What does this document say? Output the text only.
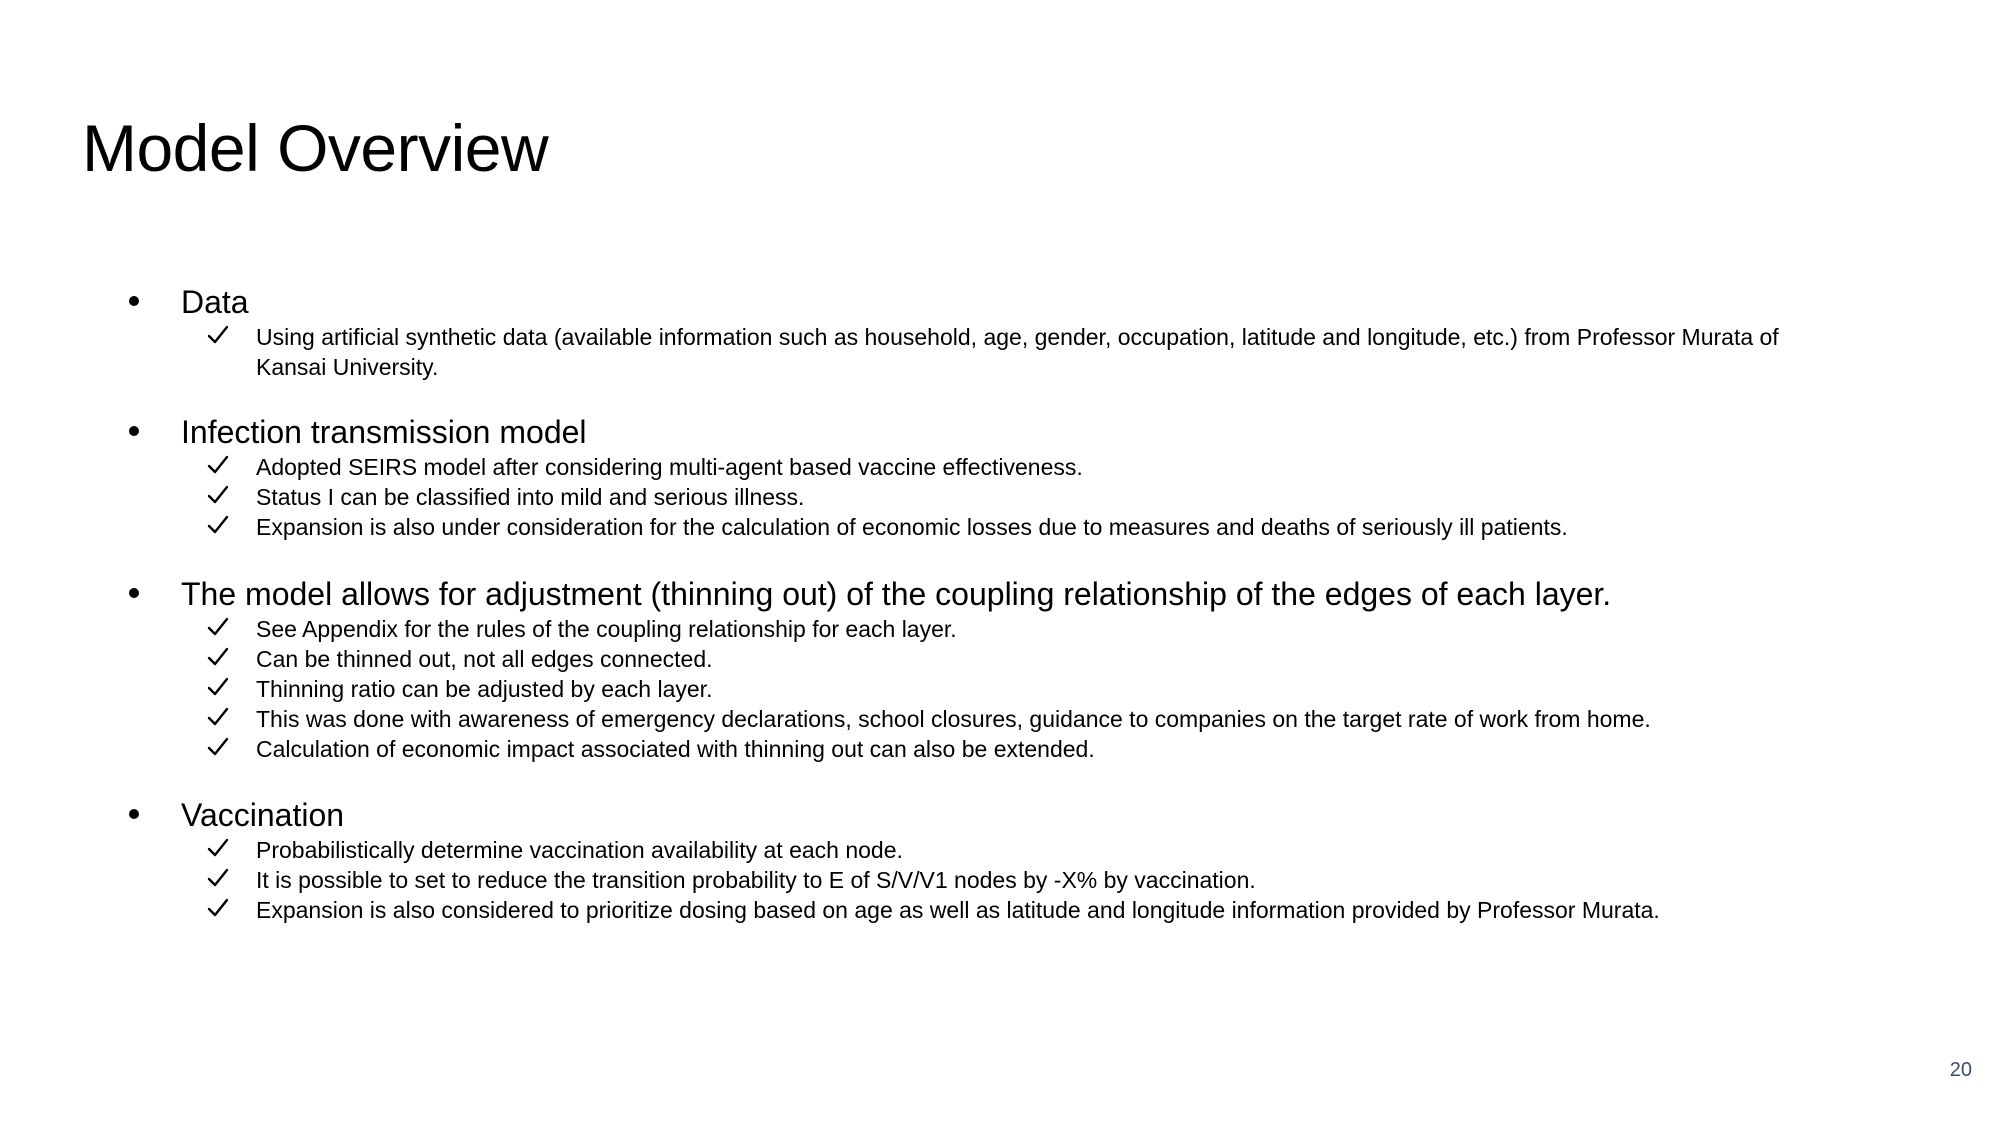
Model Overview
Data
Using artificial synthetic data (available information such as household, age, gender, occupation, latitude and longitude, etc.) from Professor Murata of Kansai University.
Infection transmission model
Adopted SEIRS model after considering multi-agent based vaccine effectiveness.
Status I can be classified into mild and serious illness.
Expansion is also under consideration for the calculation of economic losses due to measures and deaths of seriously ill patients.
The model allows for adjustment (thinning out) of the coupling relationship of the edges of each layer.
See Appendix for the rules of the coupling relationship for each layer.
Can be thinned out, not all edges connected.
Thinning ratio can be adjusted by each layer.
This was done with awareness of emergency declarations, school closures, guidance to companies on the target rate of work from home.
Calculation of economic impact associated with thinning out can also be extended.
Vaccination
Probabilistically determine vaccination availability at each node.
It is possible to set to reduce the transition probability to E of S/V/V1 nodes by -X% by vaccination.
Expansion is also considered to prioritize dosing based on age as well as latitude and longitude information provided by Professor Murata.
20
